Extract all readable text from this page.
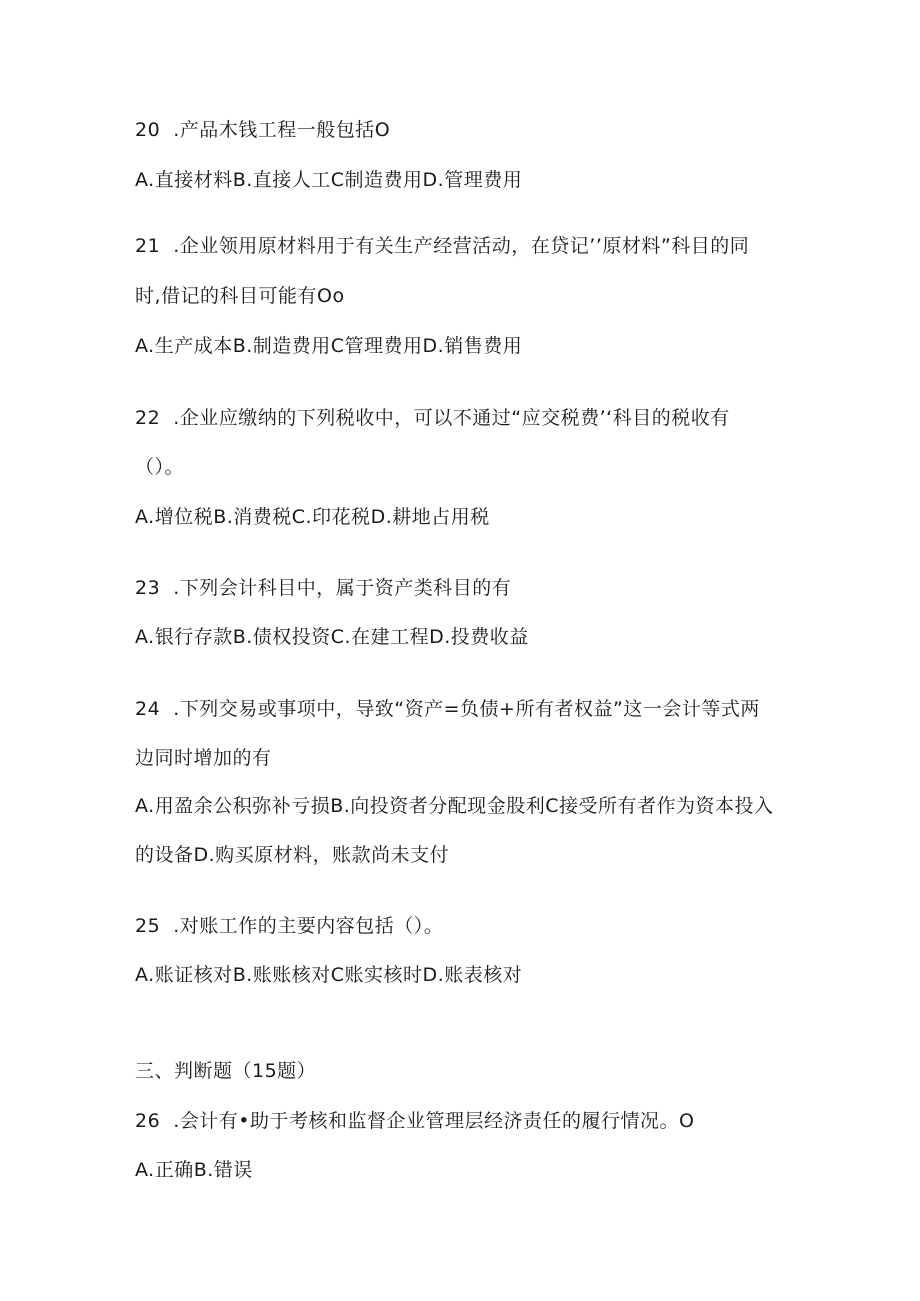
20  .产品木钱工程一般包括O
A.直接材料B.直接人工C制造费用D.管理费用
21  .企业领用原材料用于有关生产经营活动，在贷记’’原材料”科目的同
时,借记的科目可能有Oo
A.生产成本B.制造费用C管理费用D.销售费用
22  .企业应缴纳的下列税收中，可以不通过“应交税费’‘科目的税收有
（）。
A.增位税B.消费税C.印花税D.耕地占用税
23  .下列会计科目中，属于资产类科目的有
A.银行存款B.债权投资C.在建工程D.投费收益
24  .下列交易或事项中，导致“资产=负债+所有者权益”这一会计等式两
边同时增加的有
A.用盈余公积弥补亏损B.向投资者分配现金股利C接受所有者作为资本投入
的设备D.购买原材料，账款尚未支付
25  .对账工作的主要内容包括（）。
A.账证核对B.账账核对C账实核时D.账表核对
三、判断题（15题）
26  .会计有•助于考核和监督企业管理层经济责任的履行情况。O
A.正确B.错误
